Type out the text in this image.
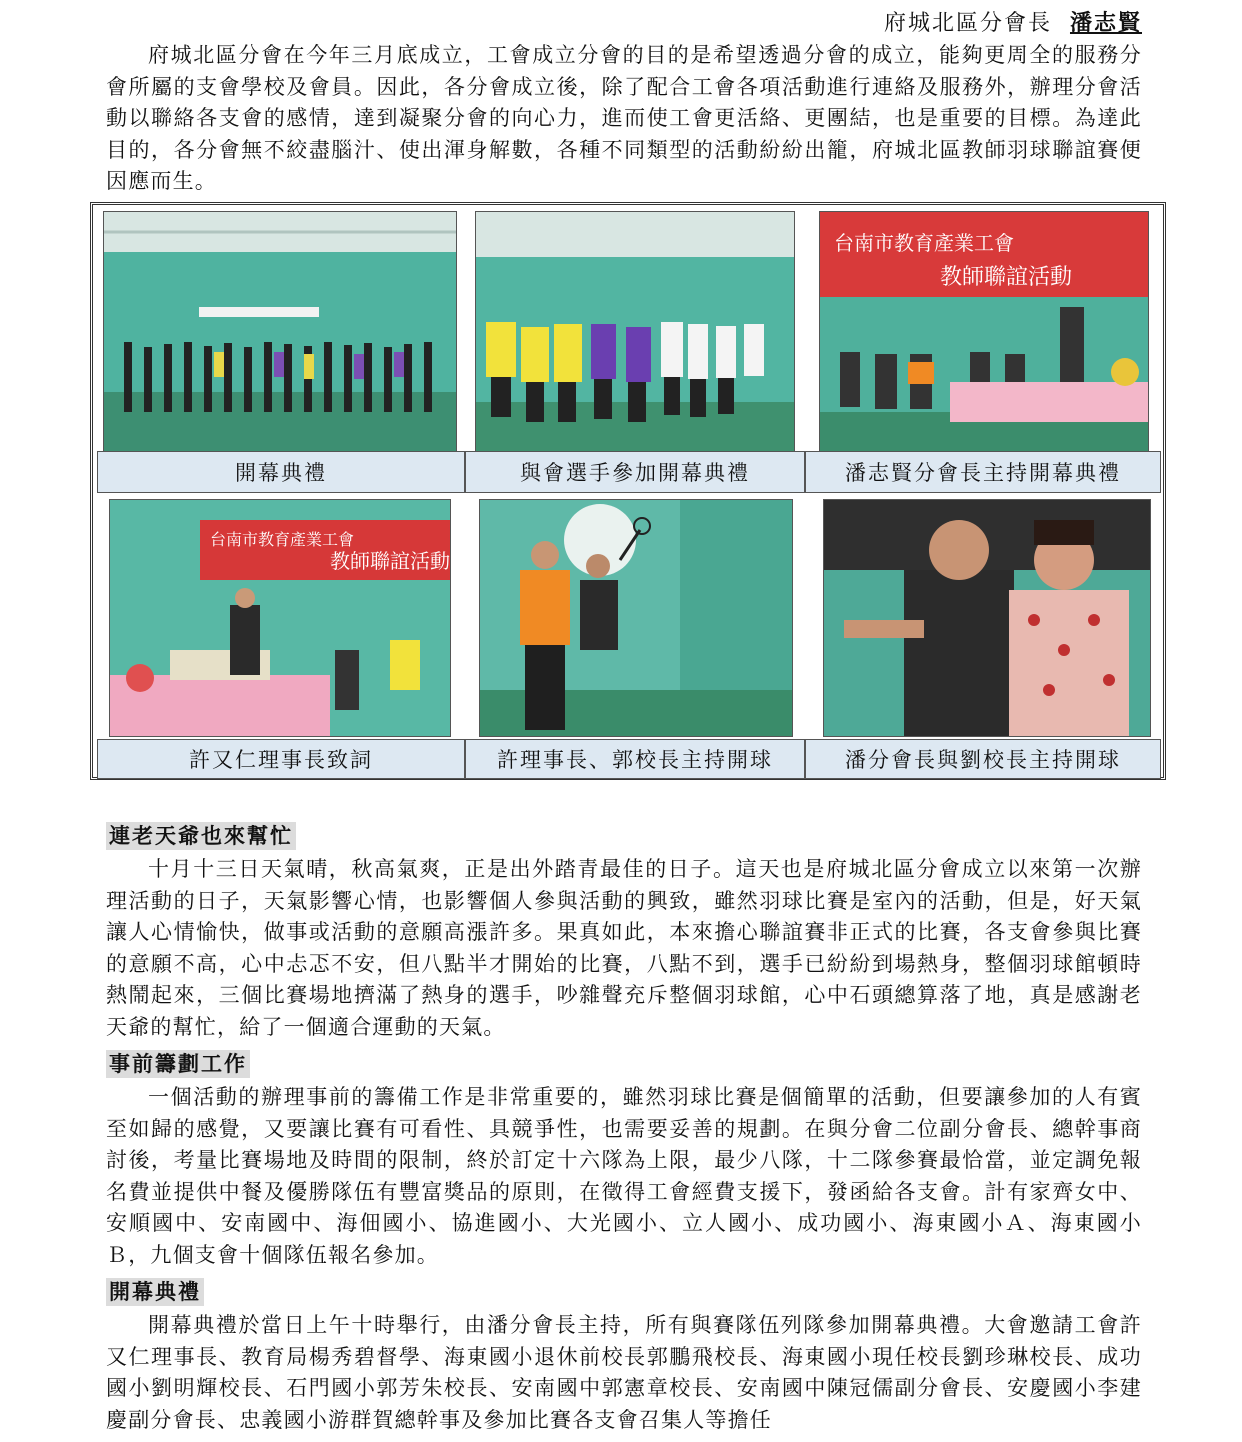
府城北區分會長 潘志賢

府城北區分會在今年三月底成立，工會成立分會的目的是希望透過分會的成立，能夠更周全的服務分會所屬的支會學校及會員。因此，各分會成立後，除了配合工會各項活動進行連絡及服務外，辦理分會活動以聯絡各支會的感情，達到凝聚分會的向心力，進而使工會更活絡、更團結，也是重要的目標。為達此目的，各分會無不絞盡腦汁、使出渾身解數，各種不同類型的活動紛紛出籠，府城北區教師羽球聯誼賽便因應而生。

台南市教育產業工會
教師聯誼活動
開幕典禮	與會選手參加開幕典禮	潘志賢分會長主持開幕典禮
台南市教育產業工會
教師聯誼活動
許又仁理事長致詞	許理事長、郭校長主持開球	潘分會長與劉校長主持開球
連老天爺也來幫忙

十月十三日天氣晴，秋高氣爽，正是出外踏青最佳的日子。這天也是府城北區分會成立以來第一次辦理活動的日子，天氣影響心情，也影響個人參與活動的興致，雖然羽球比賽是室內的活動，但是，好天氣讓人心情愉快，做事或活動的意願高漲許多。果真如此，本來擔心聯誼賽非正式的比賽，各支會參與比賽的意願不高，心中忐忑不安，但八點半才開始的比賽，八點不到，選手已紛紛到場熱身，整個羽球館頓時熱鬧起來，三個比賽場地擠滿了熱身的選手，吵雜聲充斥整個羽球館，心中石頭總算落了地，真是感謝老天爺的幫忙，給了一個適合運動的天氣。

事前籌劃工作

一個活動的辦理事前的籌備工作是非常重要的，雖然羽球比賽是個簡單的活動，但要讓參加的人有賓至如歸的感覺，又要讓比賽有可看性、具競爭性，也需要妥善的規劃。在與分會二位副分會長、總幹事商討後，考量比賽場地及時間的限制，終於訂定十六隊為上限，最少八隊，十二隊參賽最恰當，並定調免報名費並提供中餐及優勝隊伍有豐富獎品的原則，在徵得工會經費支援下，發函給各支會。計有家齊女中、安順國中、安南國中、海佃國小、協進國小、大光國小、立人國小、成功國小、海東國小Ａ、海東國小Ｂ，九個支會十個隊伍報名參加。

開幕典禮

開幕典禮於當日上午十時舉行，由潘分會長主持，所有與賽隊伍列隊參加開幕典禮。大會邀請工會許又仁理事長、教育局楊秀碧督學、海東國小退休前校長郭鵬飛校長、海東國小現任校長劉珍琳校長、成功國小劉明輝校長、石門國小郭芳朱校長、安南國中郭憲章校長、安南國中陳冠儒副分會長、安慶國小李建慶副分會長、忠義國小游群賀總幹事及參加比賽各支會召集人等擔任
